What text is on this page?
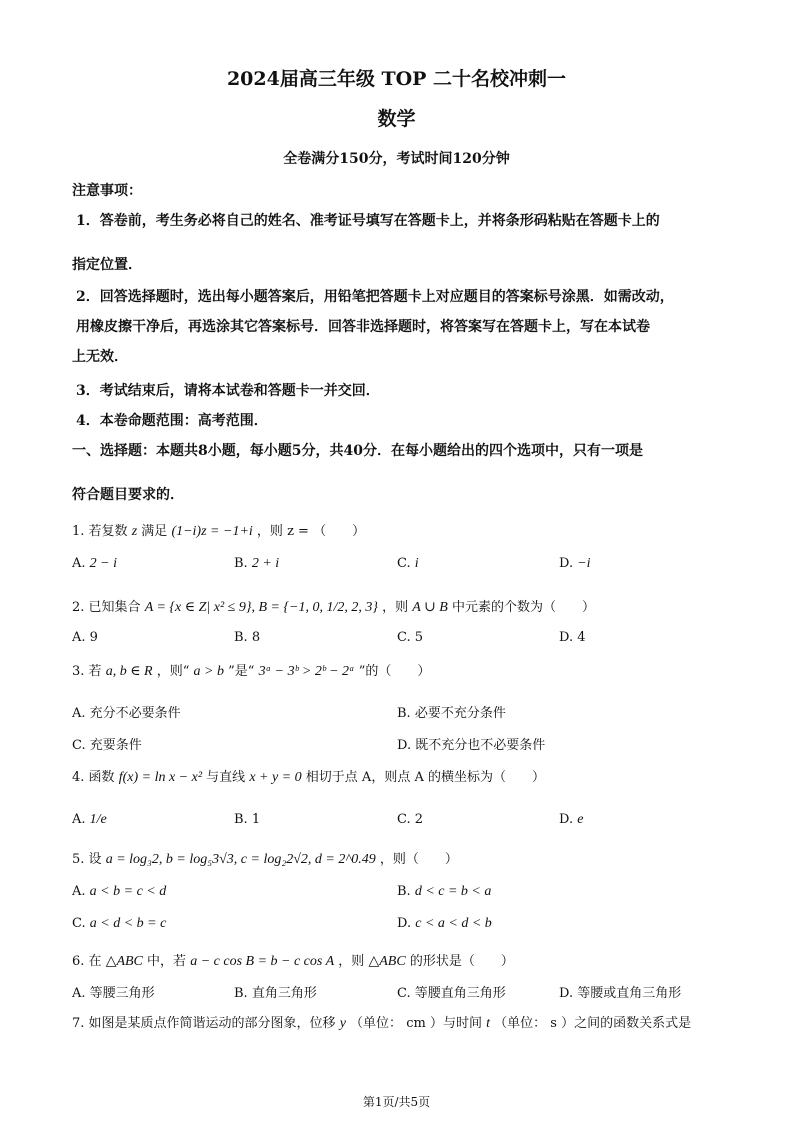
2024届高三年级 TOP 二十名校冲刺一
数学
全卷满分150分，考试时间120分钟
注意事项：
1．答卷前，考生务必将自己的姓名、准考证号填写在答题卡上，并将条形码粘贴在答题卡上的
指定位置．
2．回答选择题时，选出每小题答案后，用铅笔把答题卡上对应题目的答案标号涂黑．如需改动，
用橡皮擦干净后，再选涂其它答案标号．回答非选择题时，将答案写在答题卡上，写在本试卷
上无效．
3．考试结束后，请将本试卷和答题卡一并交回．
4．本卷命题范围：高考范围．
一、选择题：本题共8小题，每小题5分，共40分．在每小题给出的四个选项中，只有一项是
符合题目要求的．
1. 若复数 z 满足 (1−i)z = −1+i ，则 z = （　　）
A. 2 − i	B. 2 + i	C. i	D. −i
2. 已知集合 A = {x ∈ Z| x² ≤ 9}, B = {−1, 0, 1/2, 2, 3} ，则 A ∪ B 中元素的个数为（　　）
A. 9	B. 8	C. 5	D. 4
3. 若 a, b ∈ R ，则“ a > b ”是“ 3ᵃ − 3ᵇ > 2ᵇ − 2ᵃ ”的（　　）
A. 充分不必要条件	B. 必要不充分条件
C. 充要条件	D. 既不充分也不必要条件
4. 函数 f(x) = ln x − x² 与直线 x + y = 0 相切于点 A，则点 A 的横坐标为（　　）
A. 1/e	B. 1	C. 2	D. e
5. 设 a = log₃2, b = log₅3√3, c = log₂2√2, d = 2^0.49 ，则（　　）
A. a < b = c < d	B. d < c = b < a
C. a < d < b = c	D. c < a < d < b
6. 在 △ABC 中，若 a − c cos B = b − c cos A ，则 △ABC 的形状是（　　）
A. 等腰三角形	B. 直角三角形	C. 等腰直角三角形	D. 等腰或直角三角形
7. 如图是某质点作简谐运动的部分图象，位移 y （单位： cm ）与时间 t （单位： s ）之间的函数关系式是
第1页/共5页
